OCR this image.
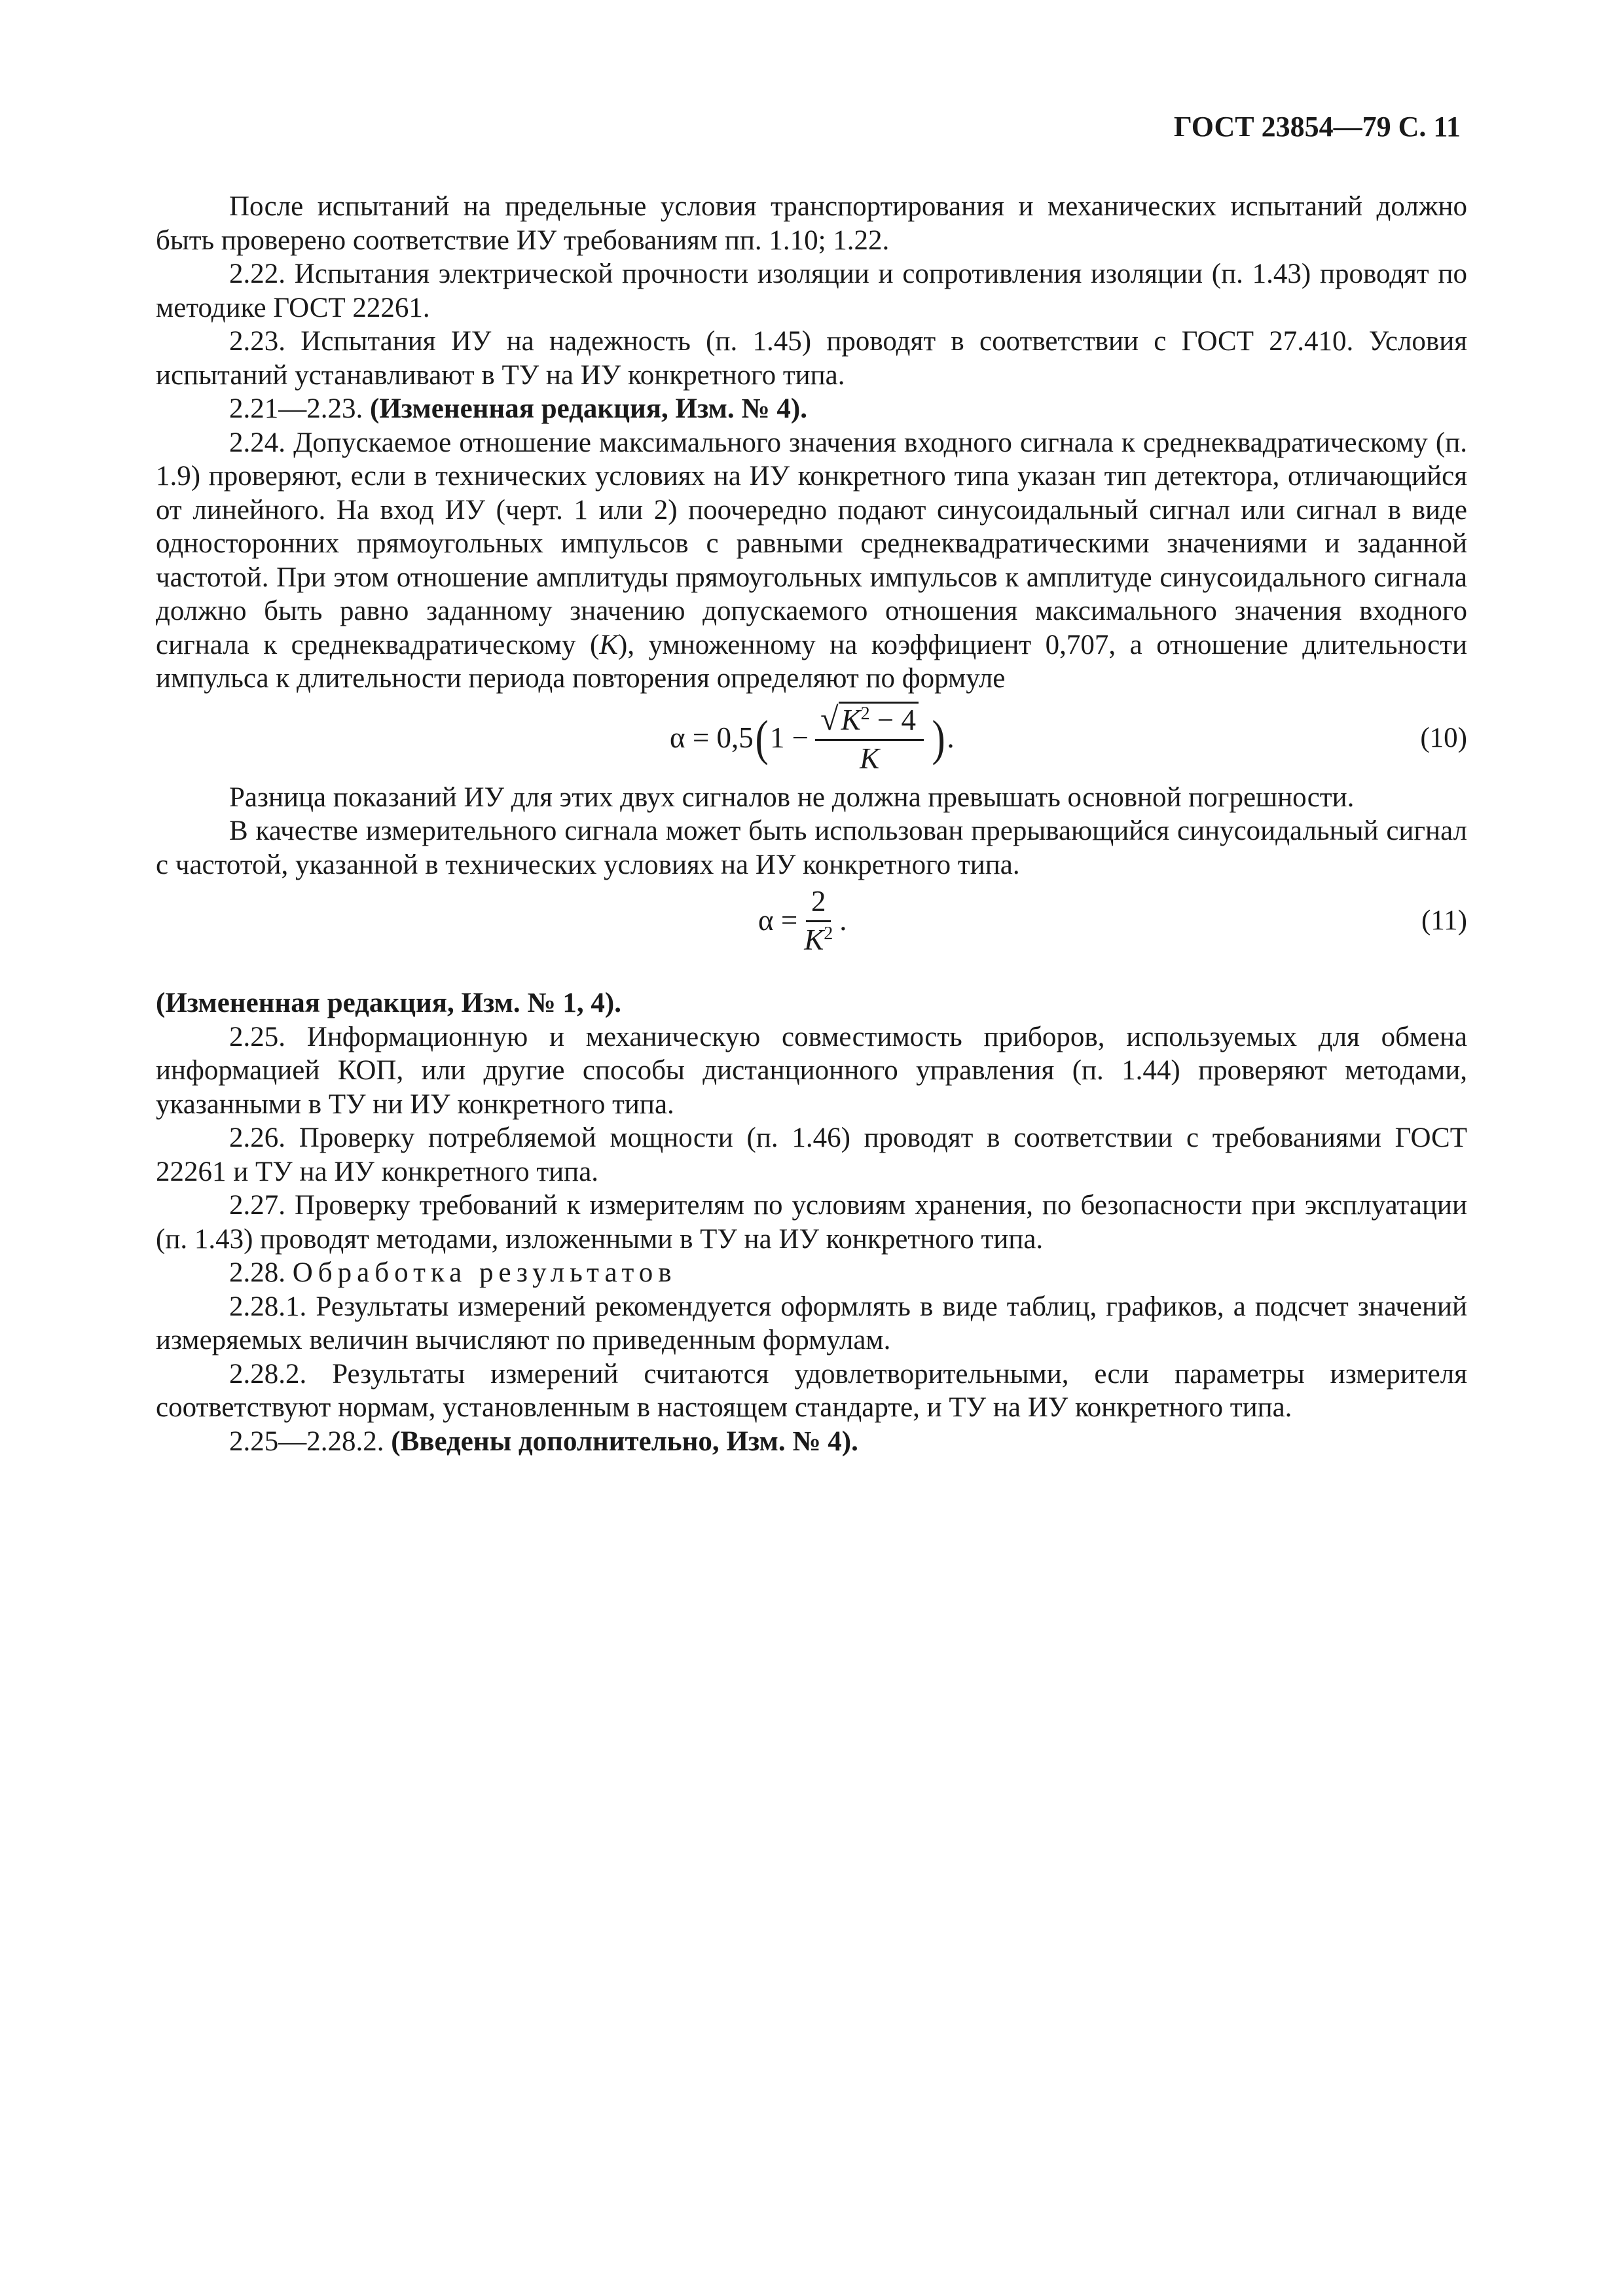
ГОСТ 23854—79 С. 11

После испытаний на предельные условия транспортирования и механических испытаний должно быть проверено соответствие ИУ требованиям пп. 1.10; 1.22.

2.22. Испытания электрической прочности изоляции и сопротивления изоляции (п. 1.43) проводят по методике ГОСТ 22261.

2.23. Испытания ИУ на надежность (п. 1.45) проводят в соответствии с ГОСТ 27.410. Условия испытаний устанавливают в ТУ на ИУ конкретного типа.

2.21—2.23. (Измененная редакция, Изм. № 4).

2.24. Допускаемое отношение максимального значения входного сигнала к среднеквадратическому (п. 1.9) проверяют, если в технических условиях на ИУ конкретного типа указан тип детектора, отличающийся от линейного. На вход ИУ (черт. 1 или 2) поочередно подают синусоидальный сигнал или сигнал в виде односторонних прямоугольных импульсов с равными среднеквадратическими значениями и заданной частотой. При этом отношение амплитуды прямоугольных импульсов к амплитуде синусоидального сигнала должно быть равно заданному значению допускаемого отношения максимального значения входного сигнала к среднеквадратическому (K), умноженному на коэффициент 0,707, а отношение длительности импульса к длительности периода повторения определяют по формуле

α = 0,5 ( $1 - \frac{√K^2 - 4}{K}$ ) .	(10)

Разница показаний ИУ для этих двух сигналов не должна превышать основной погрешности.

В качестве измерительного сигнала может быть использован прерывающийся синусоидальный сигнал с частотой, указанной в технических условиях на ИУ конкретного типа.

$\alpha = \frac{2}{K^2}$ .	(11)

(Измененная редакция, Изм. № 1, 4).

2.25. Информационную и механическую совместимость приборов, используемых для обмена информацией КОП, или другие способы дистанционного управления (п. 1.44) проверяют методами, указанными в ТУ ни ИУ конкретного типа.

2.26. Проверку потребляемой мощности (п. 1.46) проводят в соответствии с требованиями ГОСТ 22261 и ТУ на ИУ конкретного типа.

2.27. Проверку требований к измерителям по условиям хранения, по безопасности при эксплуатации (п. 1.43) проводят методами, изложенными в ТУ на ИУ конкретного типа.

2.28. Обработка результатов

2.28.1. Результаты измерений рекомендуется оформлять в виде таблиц, графиков, а подсчет значений измеряемых величин вычисляют по приведенным формулам.

2.28.2. Результаты измерений считаются удовлетворительными, если параметры измерителя соответствуют нормам, установленным в настоящем стандарте, и ТУ на ИУ конкретного типа.

2.25—2.28.2. (Введены дополнительно, Изм. № 4).
